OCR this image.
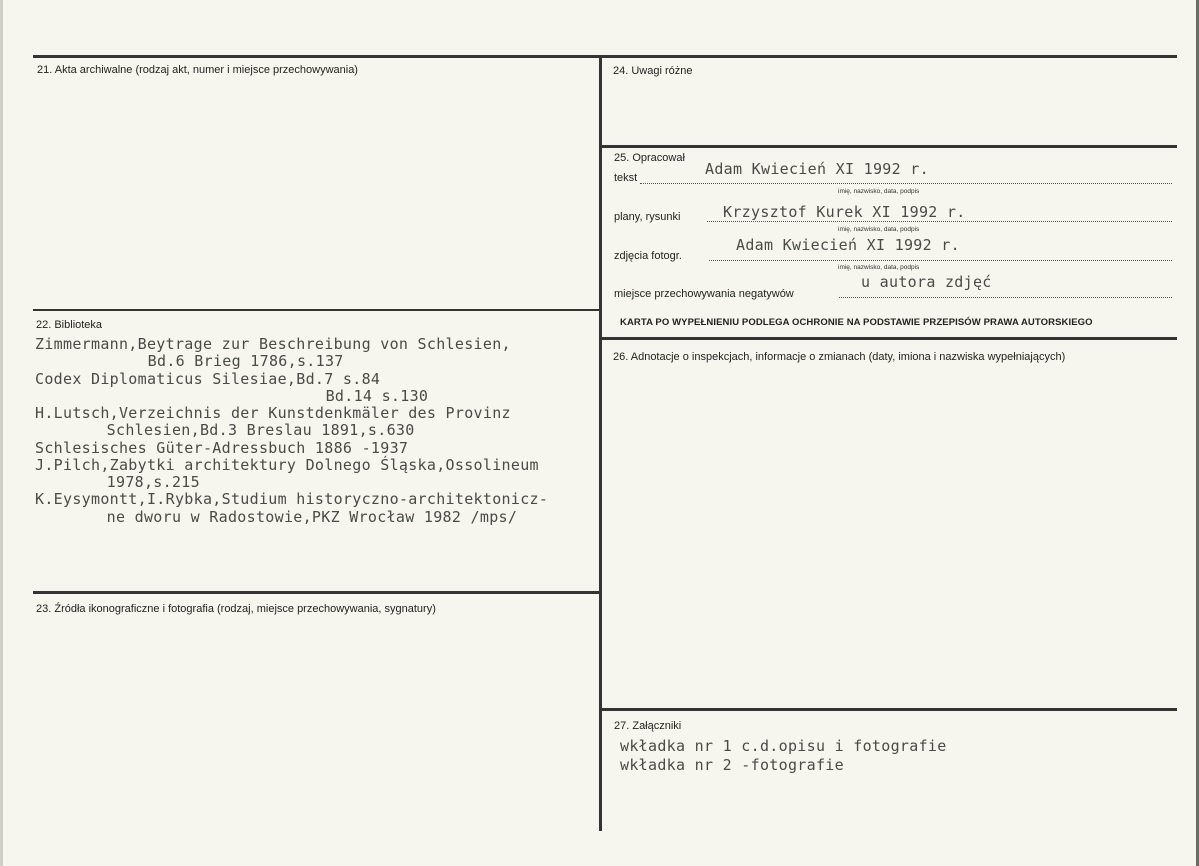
21. Akta archiwalne (rodzaj akt, numer i miejsce przechowywania)
22. Biblioteka
Zimmermann,Beytrage zur Beschreibung von Schlesien,
Bd.6 Brieg 1786,s.137
Codex Diplomaticus Silesiae,Bd.7 s.84
Bd.14 s.130
H.Lutsch,Verzeichnis der Kunstdenkmäler des Provinz
Schlesien,Bd.3 Breslau 1891,s.630
Schlesisches Güter-Adressbuch 1886 -1937
J.Pilch,Zabytki architektury Dolnego Śląska,Ossolineum
1978,s.215
K.Eysymontt,I.Rybka,Studium historyczno-architektonicz-
ne dworu w Radostowie,PKZ Wrocław 1982 /mps/
23. Źródła ikonograficzne i fotografia (rodzaj, miejsce przechowywania, sygnatury)
24. Uwagi różne
25. Opracował
tekst	Adam Kwiecień XI 1992 r.
imię, nazwisko, data, podpis
plany, rysunki	Krzysztof Kurek XI 1992 r.
imię, nazwisko, data, podpis
zdjęcia fotogr.
Adam Kwiecień XI 1992 r.
imię, nazwisko, data, podpis
miejsce przechowywania negatywów
u autora zdjęć
KARTA PO WYPEŁNIENIU PODLEGA OCHRONIE NA PODSTAWIE PRZEPISÓW PRAWA AUTORSKIEGO
26. Adnotacje o inspekcjach, informacje o zmianach (daty, imiona i nazwiska wypełniających)
27. Załączniki
wkładka nr 1 c.d.opisu i fotografie
wkładka nr 2 -fotografie
